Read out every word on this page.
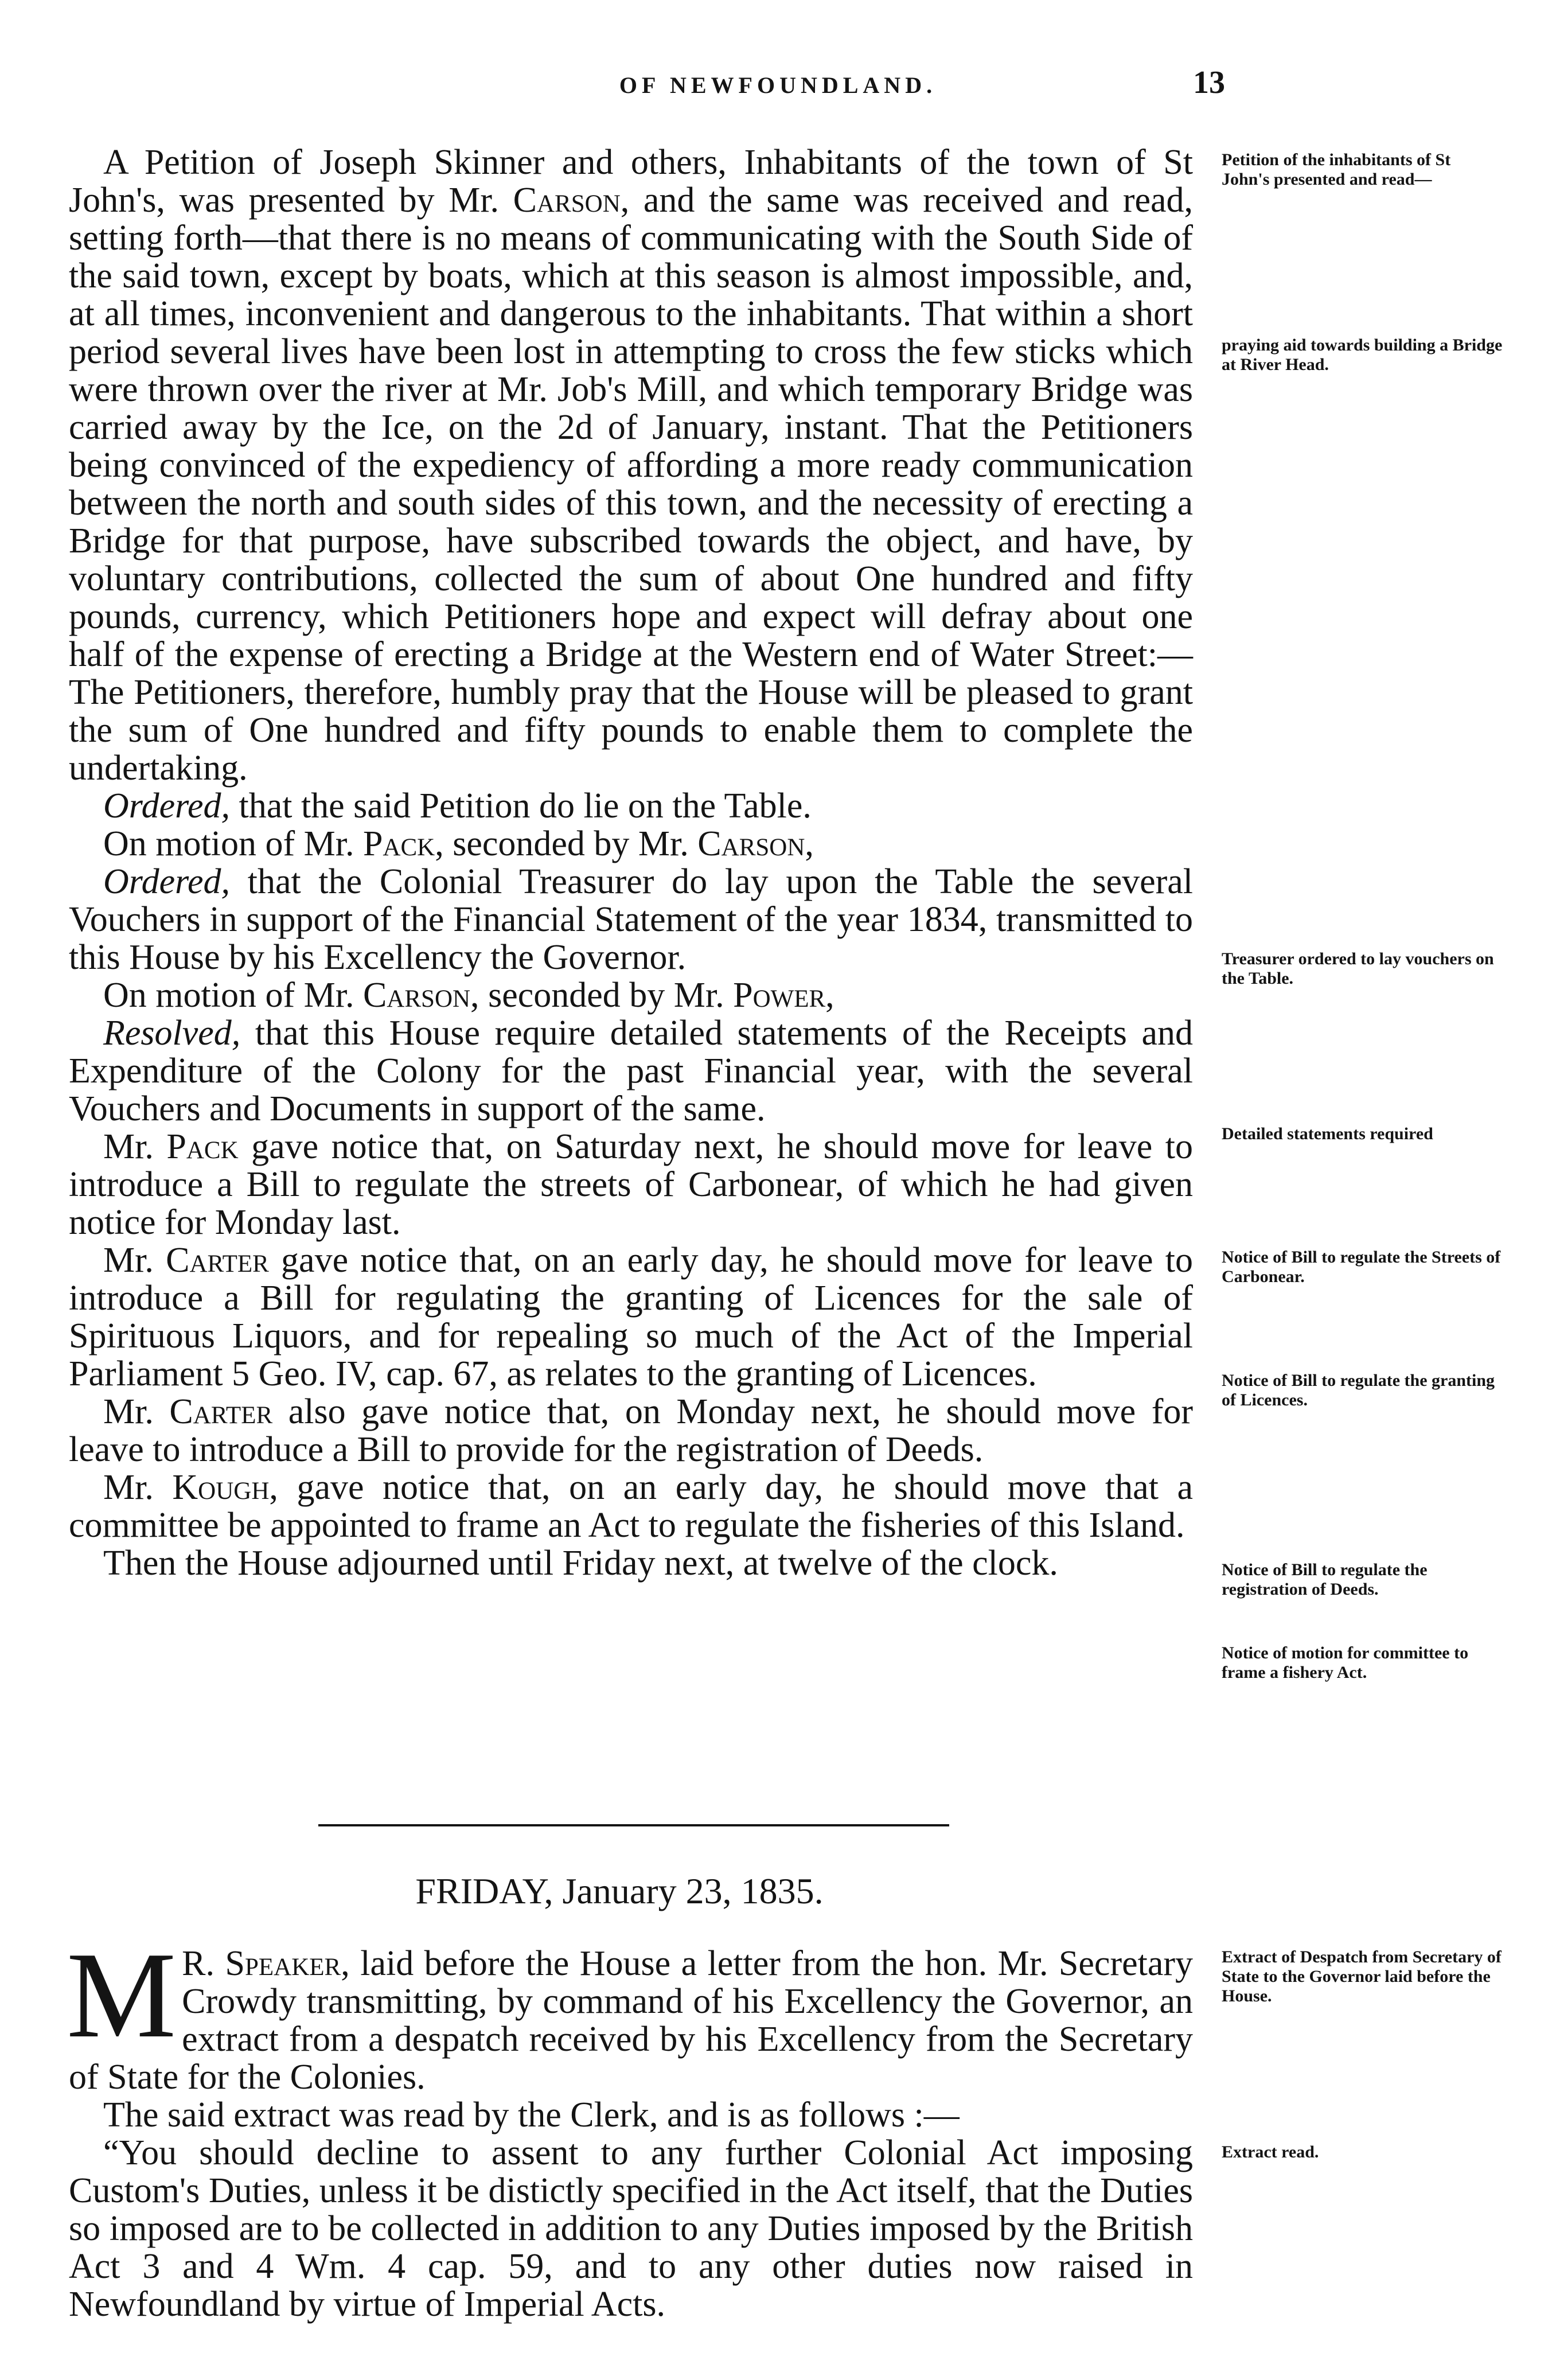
OF NEWFOUNDLAND.	13

A Petition of Joseph Skinner and others, Inhabitants of the town of St John's, was presented by Mr. Carson, and the same was received and read, setting forth—that there is no means of communicating with the South Side of the said town, except by boats, which at this season is almost impossible, and, at all times, inconvenient and dangerous to the inhabitants. That within a short period several lives have been lost in attempting to cross the few sticks which were thrown over the river at Mr. Job's Mill, and which temporary Bridge was carried away by the Ice, on the 2d of January, instant. That the Petitioners being convinced of the expediency of affording a more ready communication between the north and south sides of this town, and the necessity of erecting a Bridge for that purpose, have subscribed towards the object, and have, by voluntary contributions, collected the sum of about One hundred and fifty pounds, currency, which Petitioners hope and expect will defray about one half of the expense of erecting a Bridge at the Western end of Water Street:—The Petitioners, therefore, humbly pray that the House will be pleased to grant the sum of One hundred and fifty pounds to enable them to complete the undertaking.

Ordered, that the said Petition do lie on the Table.

On motion of Mr. Pack, seconded by Mr. Carson,

Ordered, that the Colonial Treasurer do lay upon the Table the several Vouchers in support of the Financial Statement of the year 1834, transmitted to this House by his Excellency the Governor.

On motion of Mr. Carson, seconded by Mr. Power,

Resolved, that this House require detailed statements of the Receipts and Expenditure of the Colony for the past Financial year, with the several Vouchers and Documents in support of the same.

Mr. Pack gave notice that, on Saturday next, he should move for leave to introduce a Bill to regulate the streets of Carbonear, of which he had given notice for Monday last.

Mr. Carter gave notice that, on an early day, he should move for leave to introduce a Bill for regulating the granting of Licences for the sale of Spirituous Liquors, and for repealing so much of the Act of the Imperial Parliament 5 Geo. IV, cap. 67, as relates to the granting of Licences.

Mr. Carter also gave notice that, on Monday next, he should move for leave to introduce a Bill to provide for the registration of Deeds.

Mr. Kough, gave notice that, on an early day, he should move that a committee be appointed to frame an Act to regulate the fisheries of this Island.

Then the House adjourned until Friday next, at twelve of the clock.

FRIDAY, January 23, 1835.

M R. Speaker, laid before the House a letter from the hon. Mr. Secretary Crowdy transmitting, by command of his Excellency the Governor, an extract from a despatch received by his Excellency from the Secretary of State for the Colonies.

The said extract was read by the Clerk, and is as follows :—

“You should decline to assent to any further Colonial Act imposing Custom's Duties, unless it be distictly specified in the Act itself, that the Duties so imposed are to be collected in addition to any Duties imposed by the British Act 3 and 4 Wm. 4 cap. 59, and to any other duties now raised in Newfoundland by virtue of Imperial Acts.

Petition of the inhabitants of St John's presented and read—
praying aid towards building a Bridge at River Head.
Treasurer ordered to lay vouchers on the Table.
Detailed statements required
Notice of Bill to regulate the Streets of Carbonear.
Notice of Bill to regulate the granting of Licences.
Notice of Bill to regulate the registration of Deeds.
Notice of motion for committee to frame a fishery Act.
Extract of Despatch from Secretary of State to the Governor laid before the House.
Extract read.
